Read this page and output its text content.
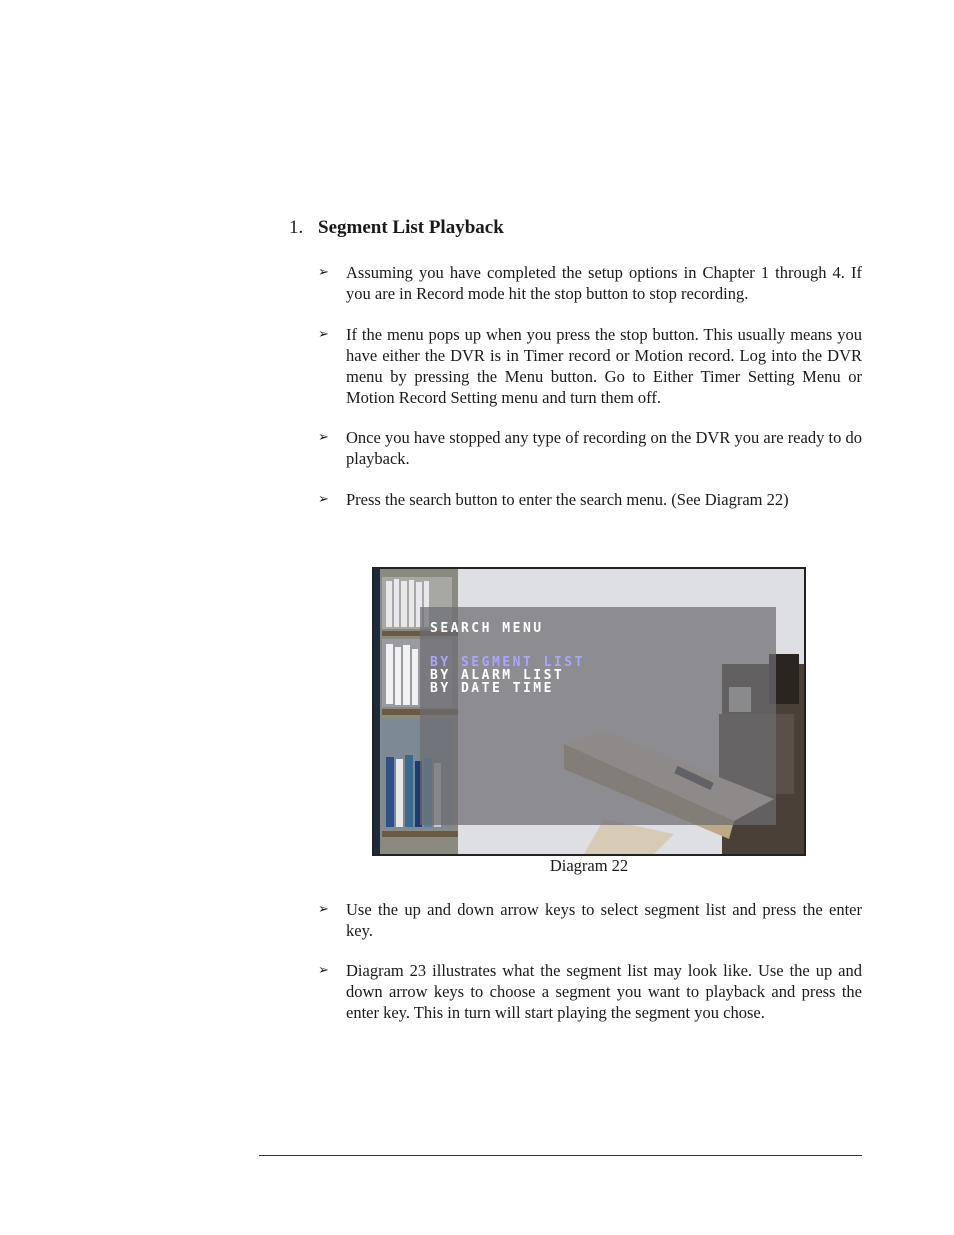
1. Segment List Playback
➢ Assuming you have completed the setup options in Chapter 1 through 4. If you are in Record mode hit the stop button to stop recording.
➢ If the menu pops up when you press the stop button. This usually means you have either the DVR is in Timer record or Motion record. Log into the DVR menu by pressing the Menu button. Go to Either Timer Setting Menu or Motion Record Setting menu and turn them off.
➢ Once you have stopped any type of recording on the DVR you are ready to do playback.
➢ Press the search button to enter the search menu. (See Diagram 22)
SEARCH MENU
BY SEGMENT LIST
BY ALARM LIST
BY DATE TIME
Diagram 22
➢ Use the up and down arrow keys to select segment list and press the enter key.
➢ Diagram 23 illustrates what the segment list may look like. Use the up and down arrow keys to choose a segment you want to playback and press the enter key. This in turn will start playing the segment you chose.
